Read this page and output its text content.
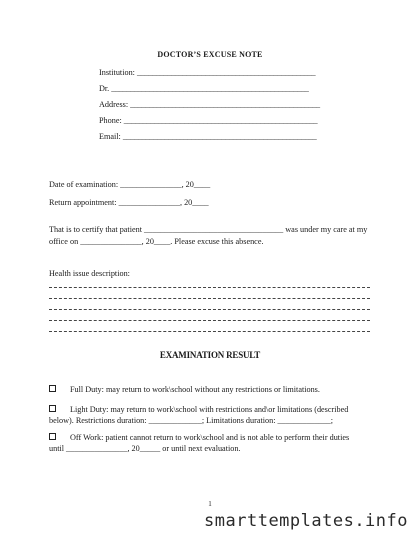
DOCTOR’S EXCUSE NOTE
Institution: _______________________________________________
Dr. ____________________________________________________
Address: __________________________________________________
Phone: ___________________________________________________
Email: ___________________________________________________
Date of examination: _______________, 20____
Return appointment: _______________, 20____
That is to certify that patient __________________________________ was under my care at my
office on _______________, 20____. Please excuse this absence.
Health issue description:
EXAMINATION RESULT
Full Duty: may return to work\school without any restrictions or limitations.
Light Duty: may return to work\school with restrictions and\or limitations (described
below). Restrictions duration: _____________; Limitations duration: _____________;
Off Work: patient cannot return to work\school and is not able to perform their duties
until _______________, 20_____ or until next evaluation.
1
smarttemplates.info
